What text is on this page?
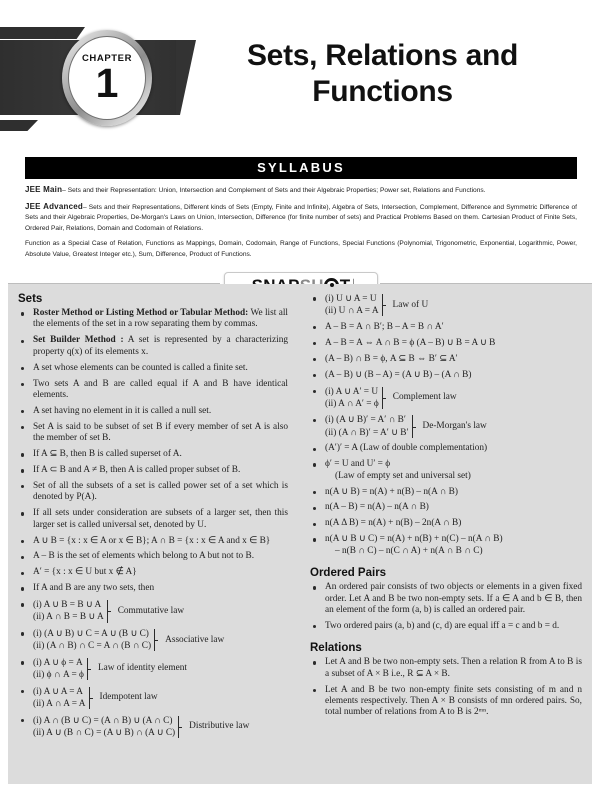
CHAPTER
1
Sets, Relations and
Functions
SYLLABUS
JEE Main– Sets and their Representation: Union, Intersection and Complement of Sets and their Algebraic Properties; Power set, Relations and Functions.
JEE Advanced– Sets and their Representations, Different kinds of Sets (Empty, Finite and Infinite), Algebra of Sets, Intersection, Complement, Difference and Symmetric Difference of Sets and their Algebraic Properties, De-Morgan's Laws on Union, Intersection, Difference (for finite number of sets) and Practical Problems Based on them. Cartesian Product of Finite Sets, Ordered Pair, Relations, Domain and Codomain of Relations.
Function as a Special Case of Relation, Functions as Mappings, Domain, Codomain, Range of Functions, Special Functions (Polynomial, Trigonometric, Exponential, Logarithmic, Power, Absolute Value, Greatest Integer etc.), Sum, Difference, Product of Functions.
Sets
Roster Method or Listing Method or Tabular Method: We list all the elements of the set in a row separating them by commas.
Set Builder Method : A set is represented by a characterizing property q(x) of its elements x.
A set whose elements can be counted is called a finite set.
Two sets A and B are called equal if A and B have identical elements.
A set having no element in it is called a null set.
Set A is said to be subset of set B if every member of set A is also the member of set B.
If A ⊆ B, then B is called superset of A.
If A ⊂ B and A ≠ B, then A is called proper subset of B.
Set of all the subsets of a set is called power set of a set which is denoted by P(A).
If all sets under consideration are subsets of a larger set, then this larger set is called universal set, denoted by U.
A ∪ B = {x : x ∈ A or x ∈ B}; A ∩ B = {x : x ∈ A and x ∈ B}
A – B is the set of elements which belong to A but not to B.
A′ = {x : x ∈ U but x ∉ A}
If A and B are any two sets, then
(i) A ∪ B = B ∪ A
(ii) A ∩ B = B ∪ A
Commutative law
(i) (A ∪ B) ∪ C = A ∪ (B ∪ C)
(ii) (A ∩ B) ∩ C = A ∩ (B ∩ C)
Associative law
(i) A ∪ ϕ = A
(ii) ϕ ∩ A = ϕ
Law of identity element
(i) A ∪ A = A
(ii) A ∩ A = A
Idempotent law
(i) A ∩ (B ∪ C) = (A ∩ B) ∪ (A ∩ C)
(ii) A ∪ (B ∩ C) = (A ∪ B) ∩ (A ∪ C)
Distributive law
(i) U ∪ A = U
(ii) U ∩ A = A
Law of U
A – B = A ∩ B′; B – A = B ∩ A′
A – B = A ⇔ A ∩ B = ϕ (A – B) ∪ B = A ∪ B
(A – B) ∩ B = ϕ, A ⊆ B ⇔ B′ ⊆ A′
(A – B) ∪ (B – A) = (A ∪ B) – (A ∩ B)
(i) A ∪ A′ = U
(ii) A ∩ A′ = ϕ
Complement law
(i) (A ∪ B)′ = A′ ∩ B′
(ii) (A ∩ B)′ = A′ ∪ B′
De-Morgan's law
(A′)′ = A (Law of double complementation)
ϕ′ = U and U′ = ϕ
(Law of empty set and universal set)
n(A ∪ B) = n(A) + n(B) – n(A ∩ B)
n(A – B) = n(A) – n(A ∩ B)
n(A Δ B) = n(A) + n(B) – 2n(A ∩ B)
n(A ∪ B ∪ C) = n(A) + n(B) + n(C) – n(A ∩ B)
– n(B ∩ C) – n(C ∩ A) + n(A ∩ B ∩ C)
Ordered Pairs
An ordered pair consists of two objects or elements in a given fixed order. Let A and B be two non-empty sets. If a ∈ A and b ∈ B, then an element of the form (a, b) is called an ordered pair.
Two ordered pairs (a, b) and (c, d) are equal iff a = c and b = d.
Relations
Let A and B be two non-empty sets. Then a relation R from A to B is a subset of A × B i.e., R ⊆ A × B.
Let A and B be two non-empty finite sets consisting of m and n elements respectively. Then A × B consists of mn ordered pairs. So, total number of relations from A to B is 2ᵐⁿ.
